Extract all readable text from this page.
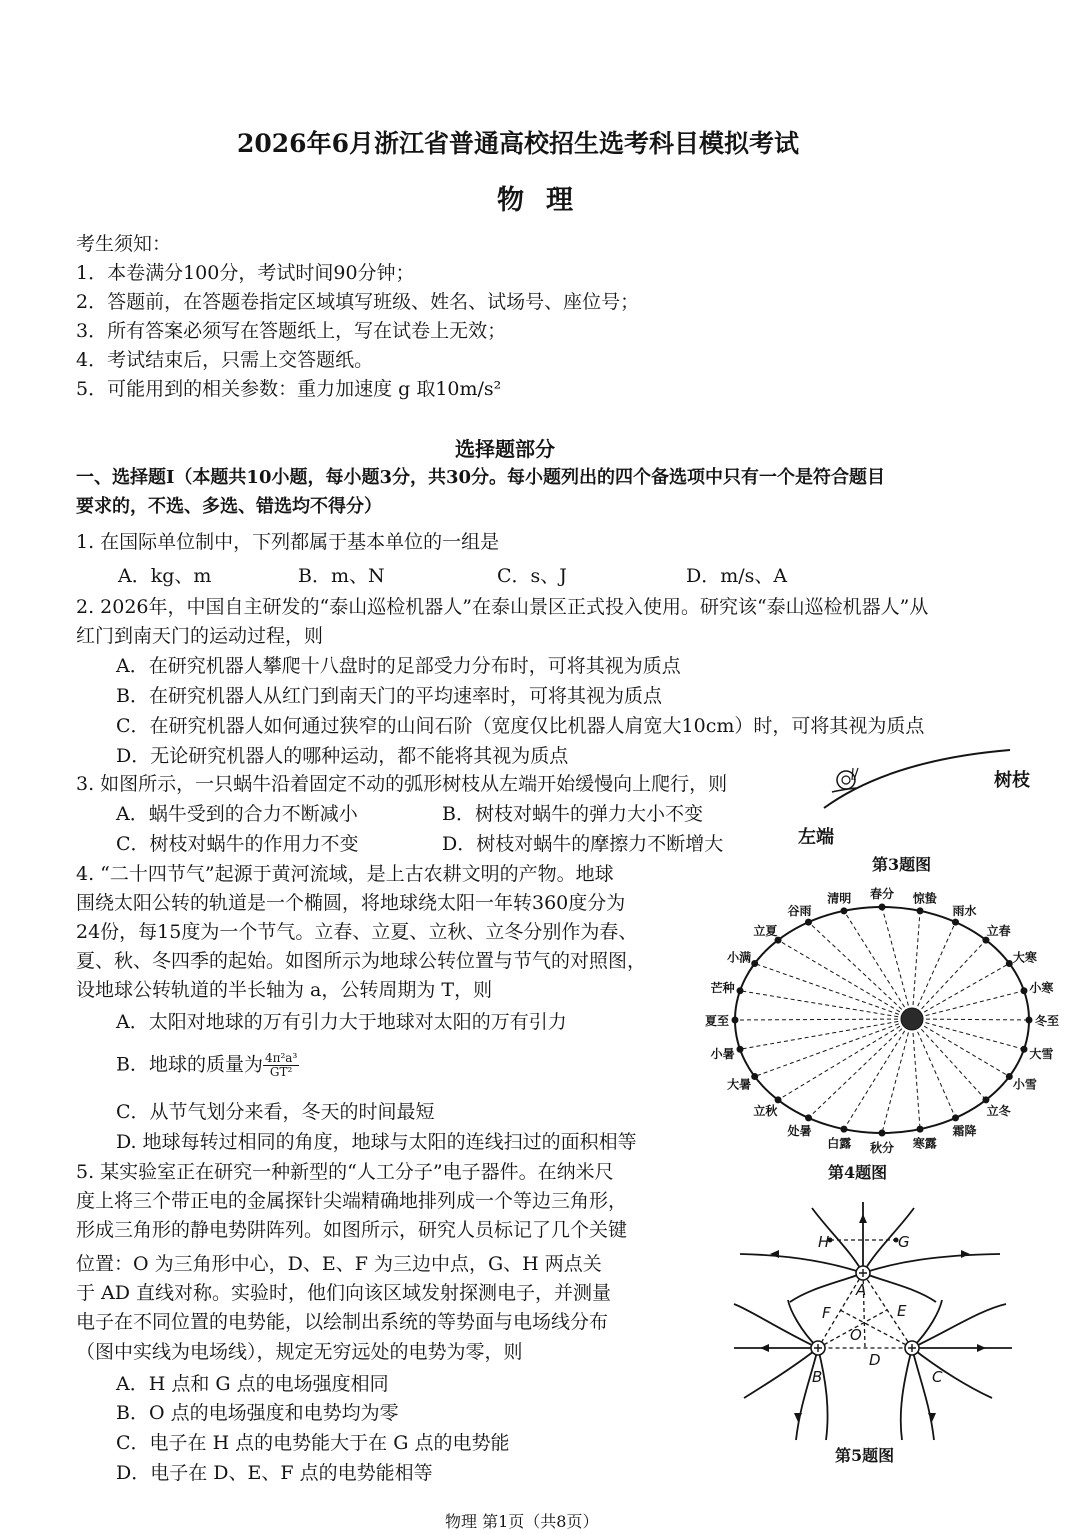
2026年6月浙江省普通高校招生选考科目模拟考试
物理
考生须知：
1．本卷满分100分，考试时间90分钟；
2．答题前，在答题卷指定区域填写班级、姓名、试场号、座位号；
3．所有答案必须写在答题纸上，写在试卷上无效；
4．考试结束后，只需上交答题纸。
5．可能用到的相关参数：重力加速度 g 取10m/s²
选择题部分
一、选择题Ⅰ（本题共10小题，每小题3分，共30分。每小题列出的四个备选项中只有一个是符合题目
要求的，不选、多选、错选均不得分）
1. 在国际单位制中，下列都属于基本单位的一组是
A．kg、m	B．m、N	C．s、J	D．m/s、A
2. 2026年，中国自主研发的“泰山巡检机器人”在泰山景区正式投入使用。研究该“泰山巡检机器人”从
红门到南天门的运动过程，则
A．在研究机器人攀爬十八盘时的足部受力分布时，可将其视为质点
B．在研究机器人从红门到南天门的平均速率时，可将其视为质点
C．在研究机器人如何通过狭窄的山间石阶（宽度仅比机器人肩宽大10cm）时，可将其视为质点
D．无论研究机器人的哪种运动，都不能将其视为质点
3. 如图所示，一只蜗牛沿着固定不动的弧形树枝从左端开始缓慢向上爬行，则
A．蜗牛受到的合力不断减小	B．树枝对蜗牛的弹力大小不变
C．树枝对蜗牛的作用力不变	D．树枝对蜗牛的摩擦力不断增大
树枝
左端
第3题图
4. “二十四节气”起源于黄河流域，是上古农耕文明的产物。地球
围绕太阳公转的轨道是一个椭圆，将地球绕太阳一年转360度分为
24份，每15度为一个节气。立春、立夏、立秋、立冬分别作为春、
夏、秋、冬四季的起始。如图所示为地球公转位置与节气的对照图，
设地球公转轨道的半长轴为 a，公转周期为 T，则
A．太阳对地球的万有引力大于地球对太阳的万有引力
B．地球的质量为 $\frac{\text{4π²a³}}{\text{GT²}}$
C．从节气划分来看，冬天的时间最短
D. 地球每转过相同的角度，地球与太阳的连线扫过的面积相等
冬至
小寒
大寒
立春
雨水
惊蛰
春分
清明
谷雨
立夏
小满
芒种
夏至
小暑
大暑
立秋
处暑
白露 秋分 寒露
霜降
立冬
小雪
大雪
第4题图
5. 某实验室正在研究一种新型的“人工分子”电子器件。在纳米尺
度上将三个带正电的金属探针尖端精确地排列成一个等边三角形，
形成三角形的静电势阱阵列。如图所示，研究人员标记了几个关键
位置：O 为三角形中心，D、E、F 为三边中点，G、H 两点关
于 AD 直线对称。实验时，他们向该区域发射探测电子，并测量
电子在不同位置的电势能，以绘制出系统的等势面与电场线分布
（图中实线为电场线），规定无穷远处的电势为零，则
A．H 点和 G 点的电场强度相同
B．O 点的电场强度和电势均为零
C．电子在 H 点的电势能大于在 G 点的电势能
D．电子在 D、E、F 点的电势能相等
H	G
A
F	E
O
D
B	C
第5题图
物理 第1页（共8页）
